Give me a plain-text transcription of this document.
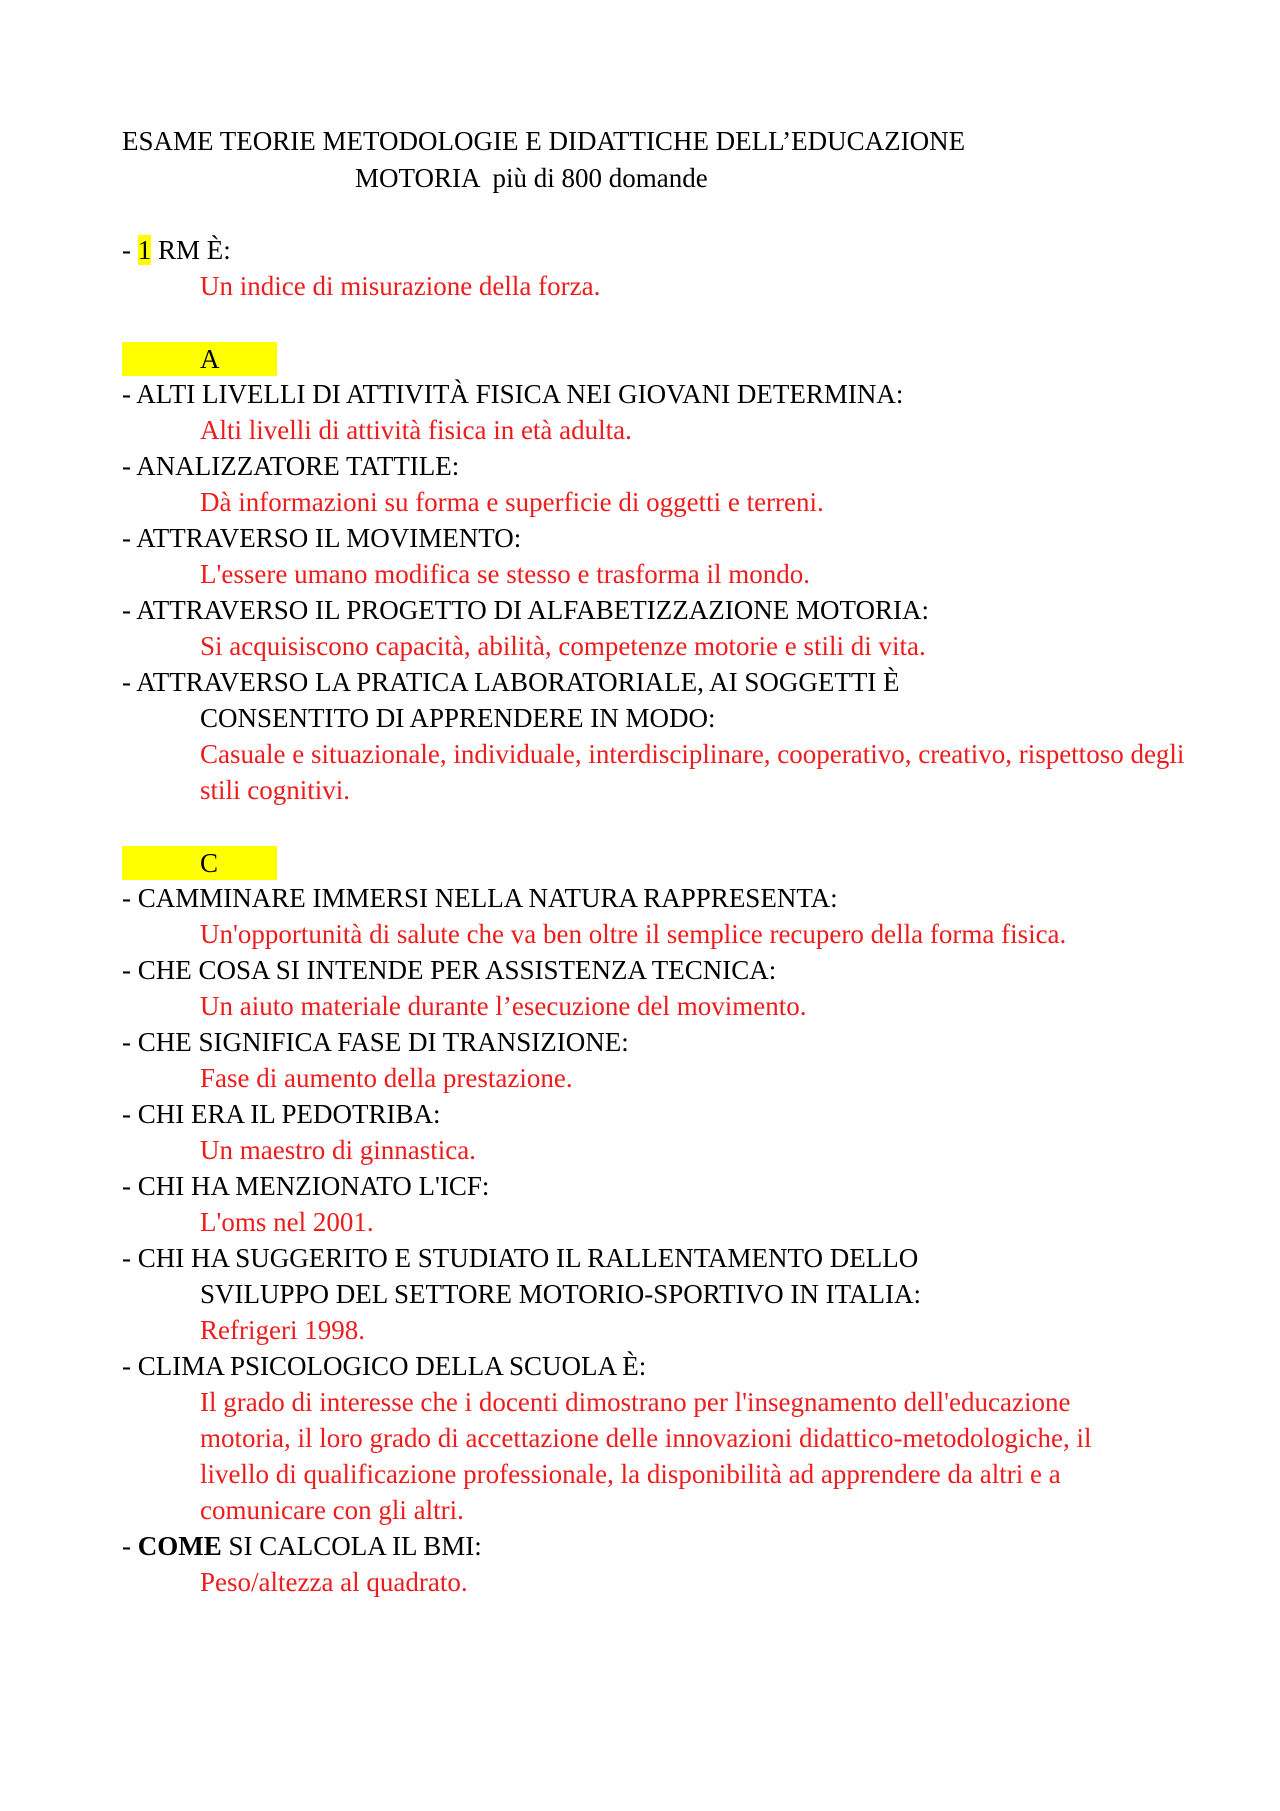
ESAME TEORIE METODOLOGIE E DIDATTICHE DELL’EDUCAZIONE
MOTORIA  più di 800 domande
- 1 RM È:
Un indice di misurazione della forza.
A
- ALTI LIVELLI DI ATTIVITÀ FISICA NEI GIOVANI DETERMINA:
Alti livelli di attività fisica in età adulta.
- ANALIZZATORE TATTILE:
Dà informazioni su forma e superficie di oggetti e terreni.
- ATTRAVERSO IL MOVIMENTO:
L'essere umano modifica se stesso e trasforma il mondo.
- ATTRAVERSO IL PROGETTO DI ALFABETIZZAZIONE MOTORIA:
Si acquisiscono capacità, abilità, competenze motorie e stili di vita.
- ATTRAVERSO LA PRATICA LABORATORIALE, AI SOGGETTI È
CONSENTITO DI APPRENDERE IN MODO:
Casuale e situazionale, individuale, interdisciplinare, cooperativo, creativo, rispettoso degli stili cognitivi.
C
- CAMMINARE IMMERSI NELLA NATURA RAPPRESENTA:
Un'opportunità di salute che va ben oltre il semplice recupero della forma fisica.
- CHE COSA SI INTENDE PER ASSISTENZA TECNICA:
Un aiuto materiale durante l’esecuzione del movimento.
- CHE SIGNIFICA FASE DI TRANSIZIONE:
Fase di aumento della prestazione.
- CHI ERA IL PEDOTRIBA:
Un maestro di ginnastica.
- CHI HA MENZIONATO L'ICF:
L'oms nel 2001.
- CHI HA SUGGERITO E STUDIATO IL RALLENTAMENTO DELLO
SVILUPPO DEL SETTORE MOTORIO-SPORTIVO IN ITALIA:
Refrigeri 1998.
- CLIMA PSICOLOGICO DELLA SCUOLA È:
Il grado di interesse che i docenti dimostrano per l'insegnamento dell'educazione motoria, il loro grado di accettazione delle innovazioni didattico-metodologiche, il livello di qualificazione professionale, la disponibilità ad apprendere da altri e a comunicare con gli altri.
- COME SI CALCOLA IL BMI:
Peso/altezza al quadrato.
